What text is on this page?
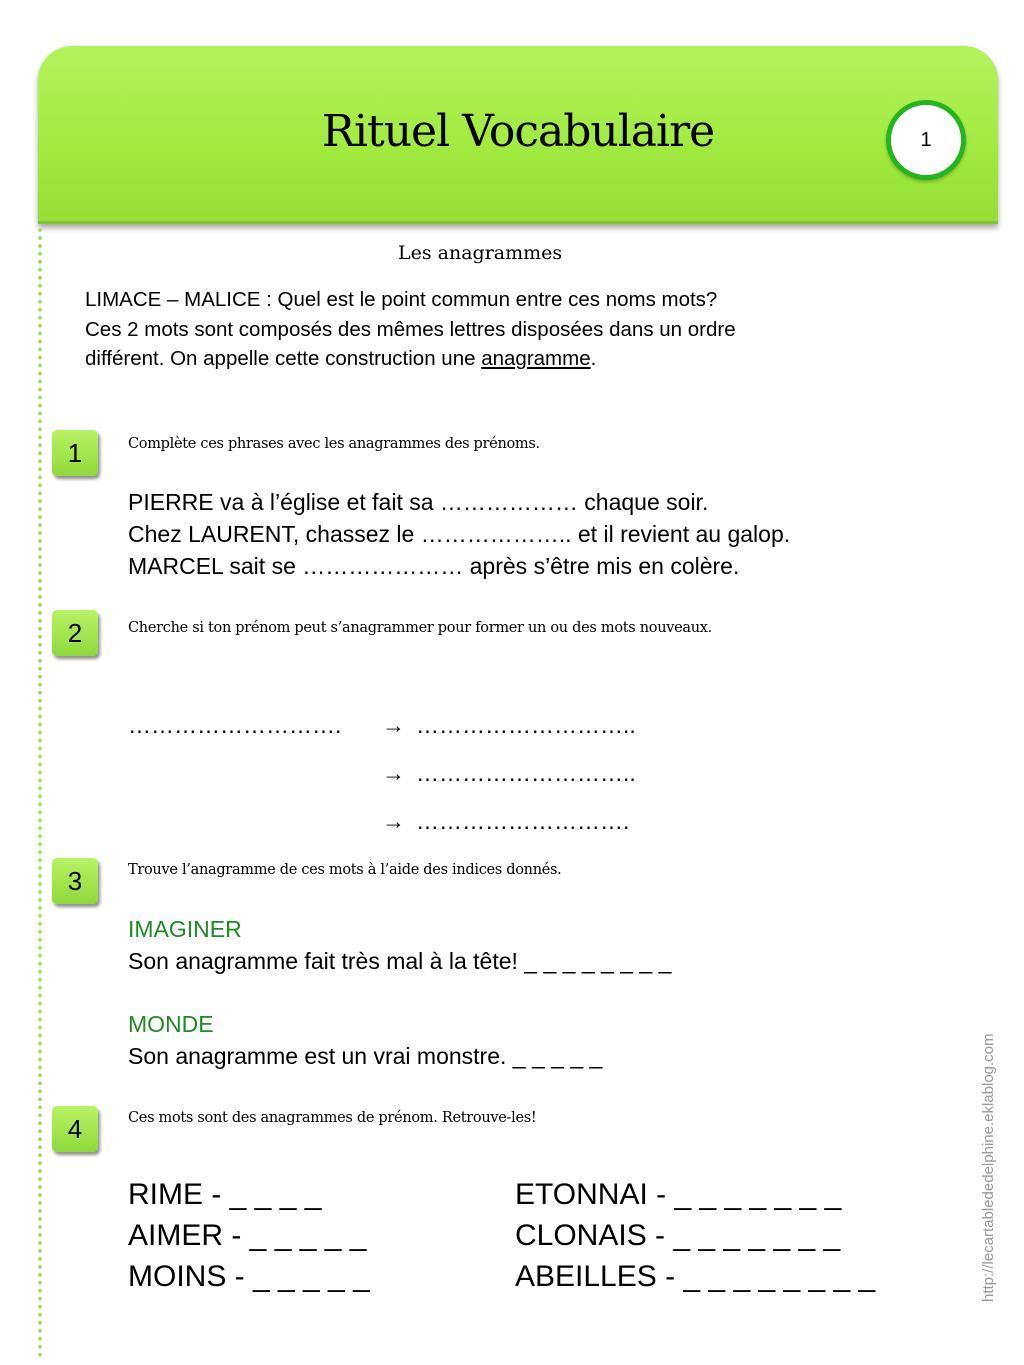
Rituel Vocabulaire	1
Les anagrammes
LIMACE – MALICE : Quel est le point commun entre ces noms mots?
Ces 2 mots sont composés des mêmes lettres disposées dans un ordre
différent. On appelle cette construction une anagramme.
1	Complète ces phrases avec les anagrammes des prénoms.
PIERRE va à l’église et fait sa ……………… chaque soir.
Chez LAURENT, chassez le ……………….. et il revient au galop.
MARCEL sait se ………………… après s’être mis en colère.
2	Cherche si ton prénom peut s’anagrammer pour former un ou des mots nouveaux.
………………………. → ………………………..
→ ………………………..
→ ……………………….
3	Trouve l’anagramme de ces mots à l’aide des indices donnés.
IMAGINER
Son anagramme fait très mal à la tête! _ _ _ _ _ _ _ _
MONDE
Son anagramme est un vrai monstre. _ _ _ _ _
4	Ces mots sont des anagrammes de prénom. Retrouve-les!
RIME - _ _ _ _
AIMER - _ _ _ _ _
MOINS - _ _ _ _ _
ETONNAI - _ _ _ _ _ _ _
CLONAIS - _ _ _ _ _ _ _
ABEILLES - _ _ _ _ _ _ _ _	http://lecartablededelphine.eklablog.com
